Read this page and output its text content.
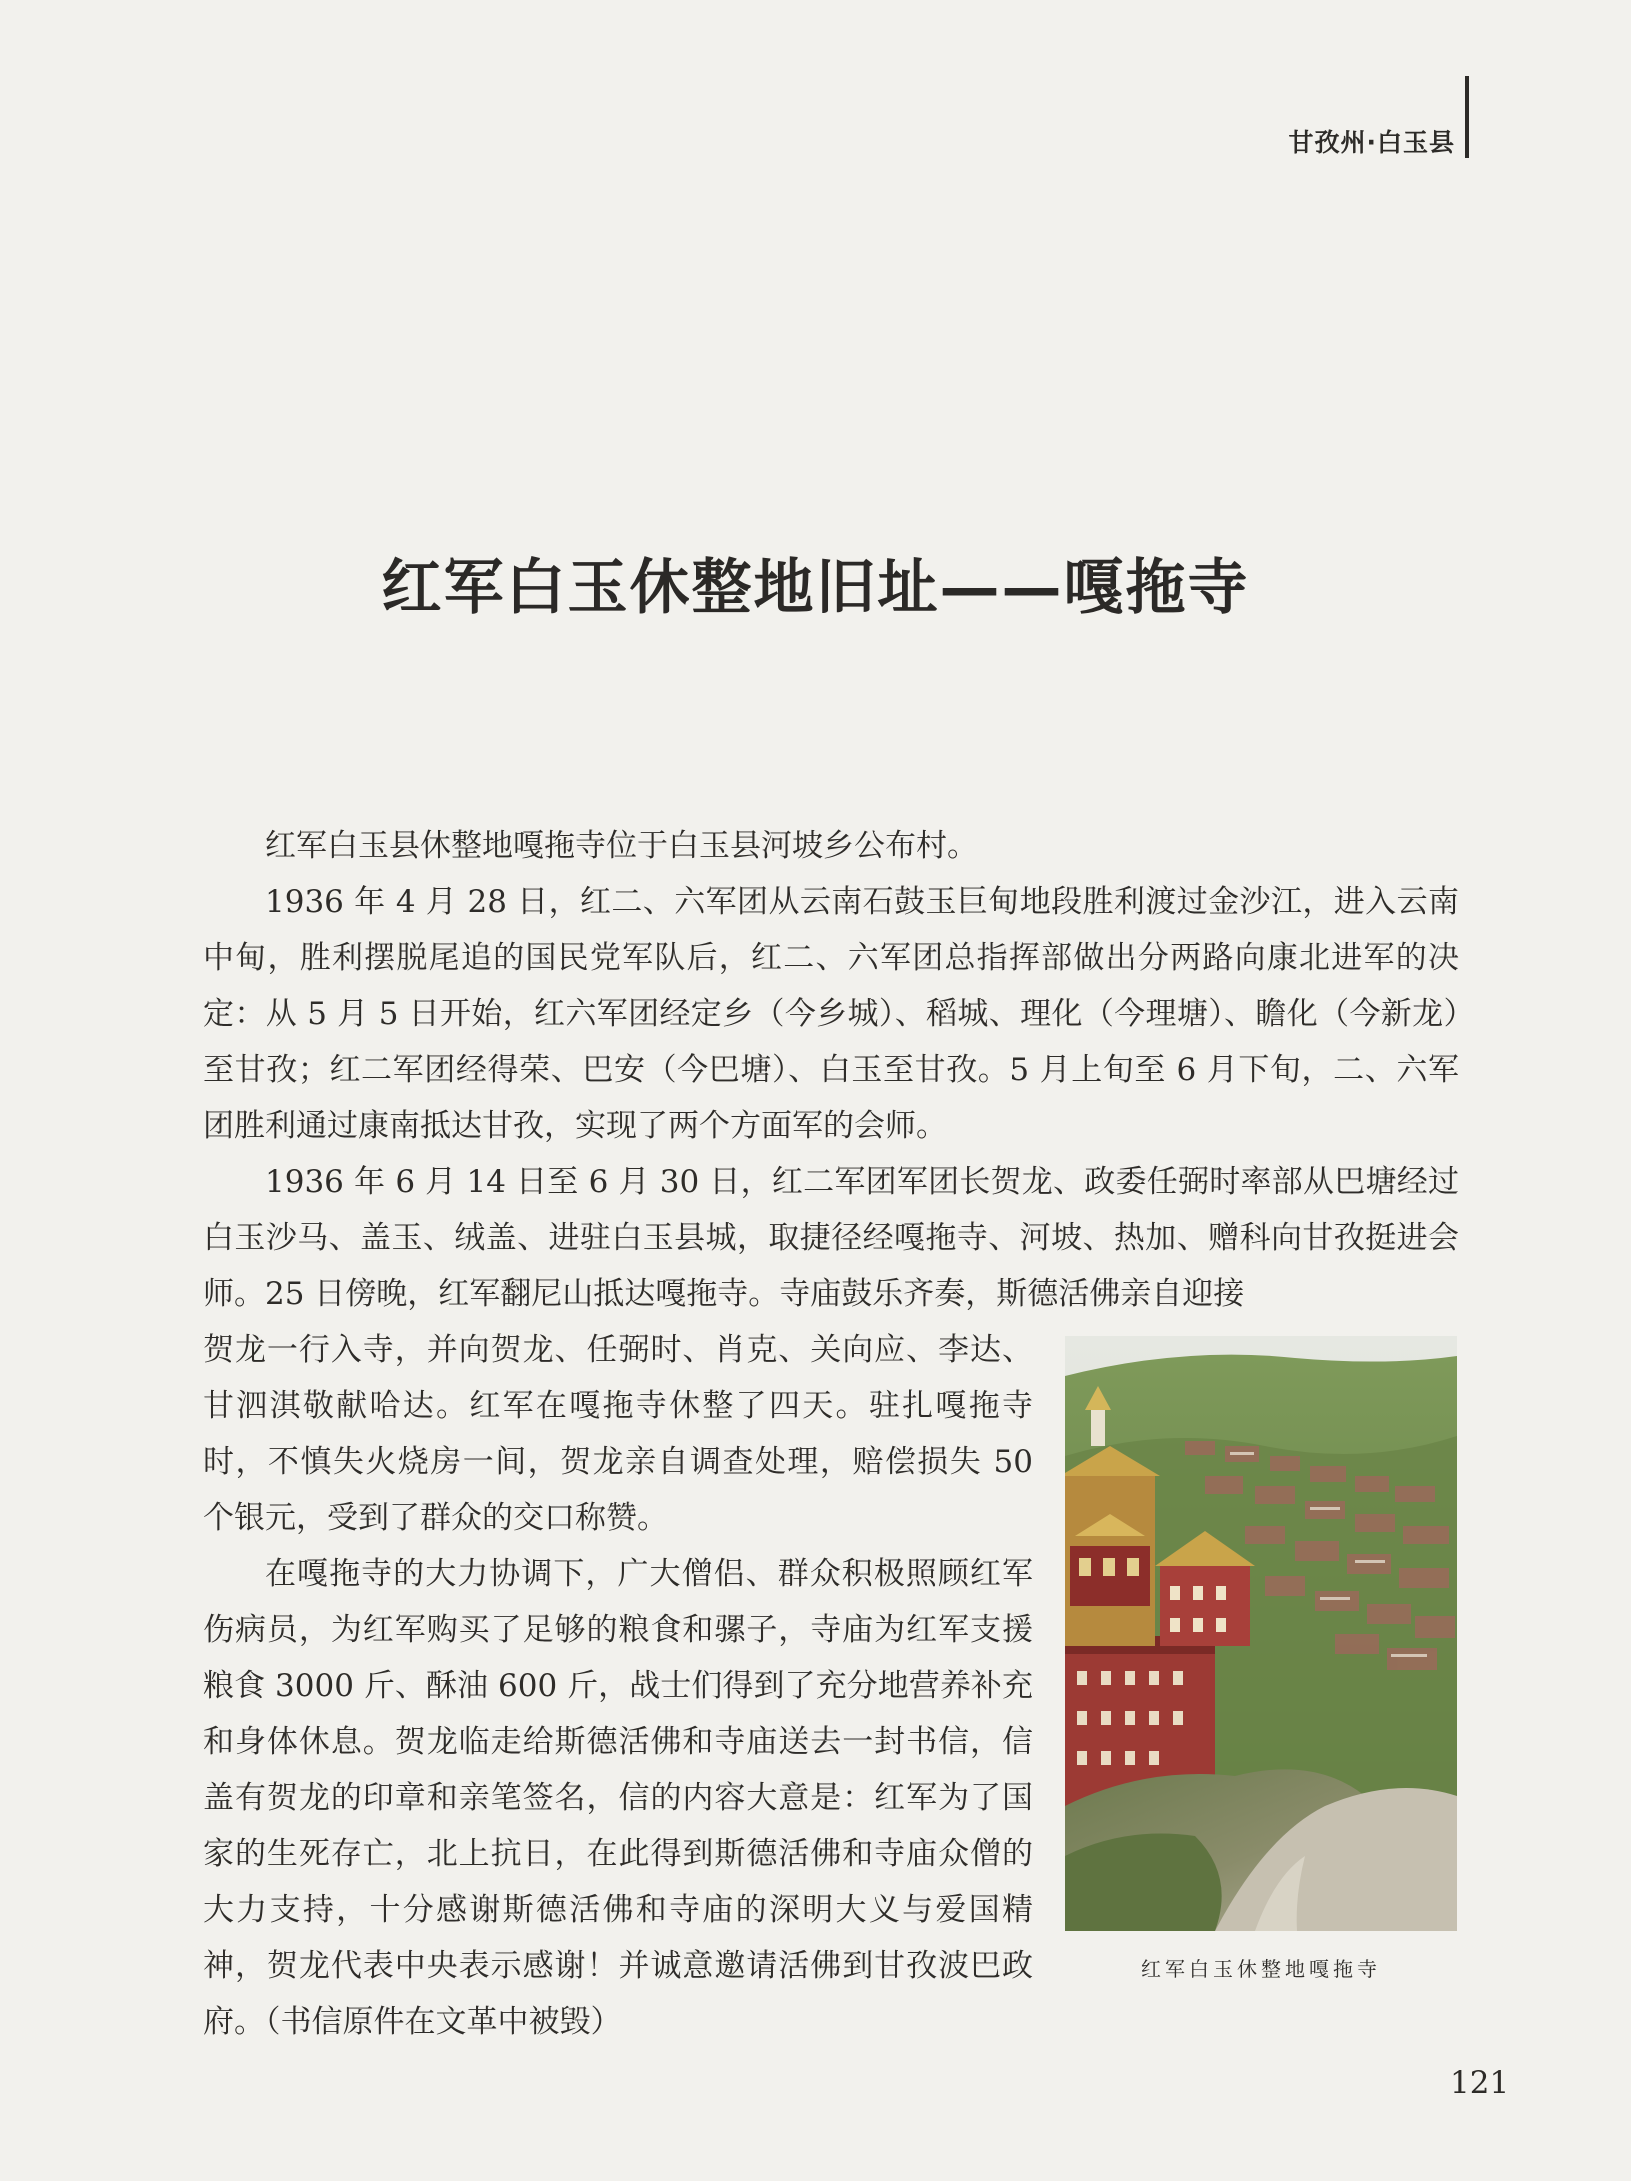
甘孜州·白玉县
红军白玉休整地旧址——嘎拖寺

红军白玉县休整地嘎拖寺位于白玉县河坡乡公布村。

1936 年 4 月 28 日，红二、六军团从云南石鼓玉巨甸地段胜利渡过金沙江，进入云南中甸，胜利摆脱尾追的国民党军队后，红二、六军团总指挥部做出分两路向康北进军的决定：从 5 月 5 日开始，红六军团经定乡（今乡城）、稻城、理化（今理塘）、瞻化（今新龙）至甘孜；红二军团经得荣、巴安（今巴塘）、白玉至甘孜。5 月上旬至 6 月下旬，二、六军团胜利通过康南抵达甘孜，实现了两个方面军的会师。

1936 年 6 月 14 日至 6 月 30 日，红二军团军团长贺龙、政委任弼时率部从巴塘经过白玉沙马、盖玉、绒盖、进驻白玉县城，取捷径经嘎拖寺、河坡、热加、赠科向甘孜挺进会师。25 日傍晚，红军翻尼山抵达嘎拖寺。寺庙鼓乐齐奏，斯德活佛亲自迎接

贺龙一行入寺，并向贺龙、任弼时、肖克、关向应、李达、甘泗淇敬献哈达。红军在嘎拖寺休整了四天。驻扎嘎拖寺时，不慎失火烧房一间，贺龙亲自调查处理，赔偿损失 50 个银元，受到了群众的交口称赞。

在嘎拖寺的大力协调下，广大僧侣、群众积极照顾红军伤病员，为红军购买了足够的粮食和骡子，寺庙为红军支援粮食 3000 斤、酥油 600 斤，战士们得到了充分地营养补充和身体休息。贺龙临走给斯德活佛和寺庙送去一封书信，信盖有贺龙的印章和亲笔签名，信的内容大意是：红军为了国家的生死存亡，北上抗日，在此得到斯德活佛和寺庙众僧的大力支持，十分感谢斯德活佛和寺庙的深明大义与爱国精神，贺龙代表中央表示感谢！并诚意邀请活佛到甘孜波巴政府。（书信原件在文革中被毁）

红军白玉休整地嘎拖寺
121
